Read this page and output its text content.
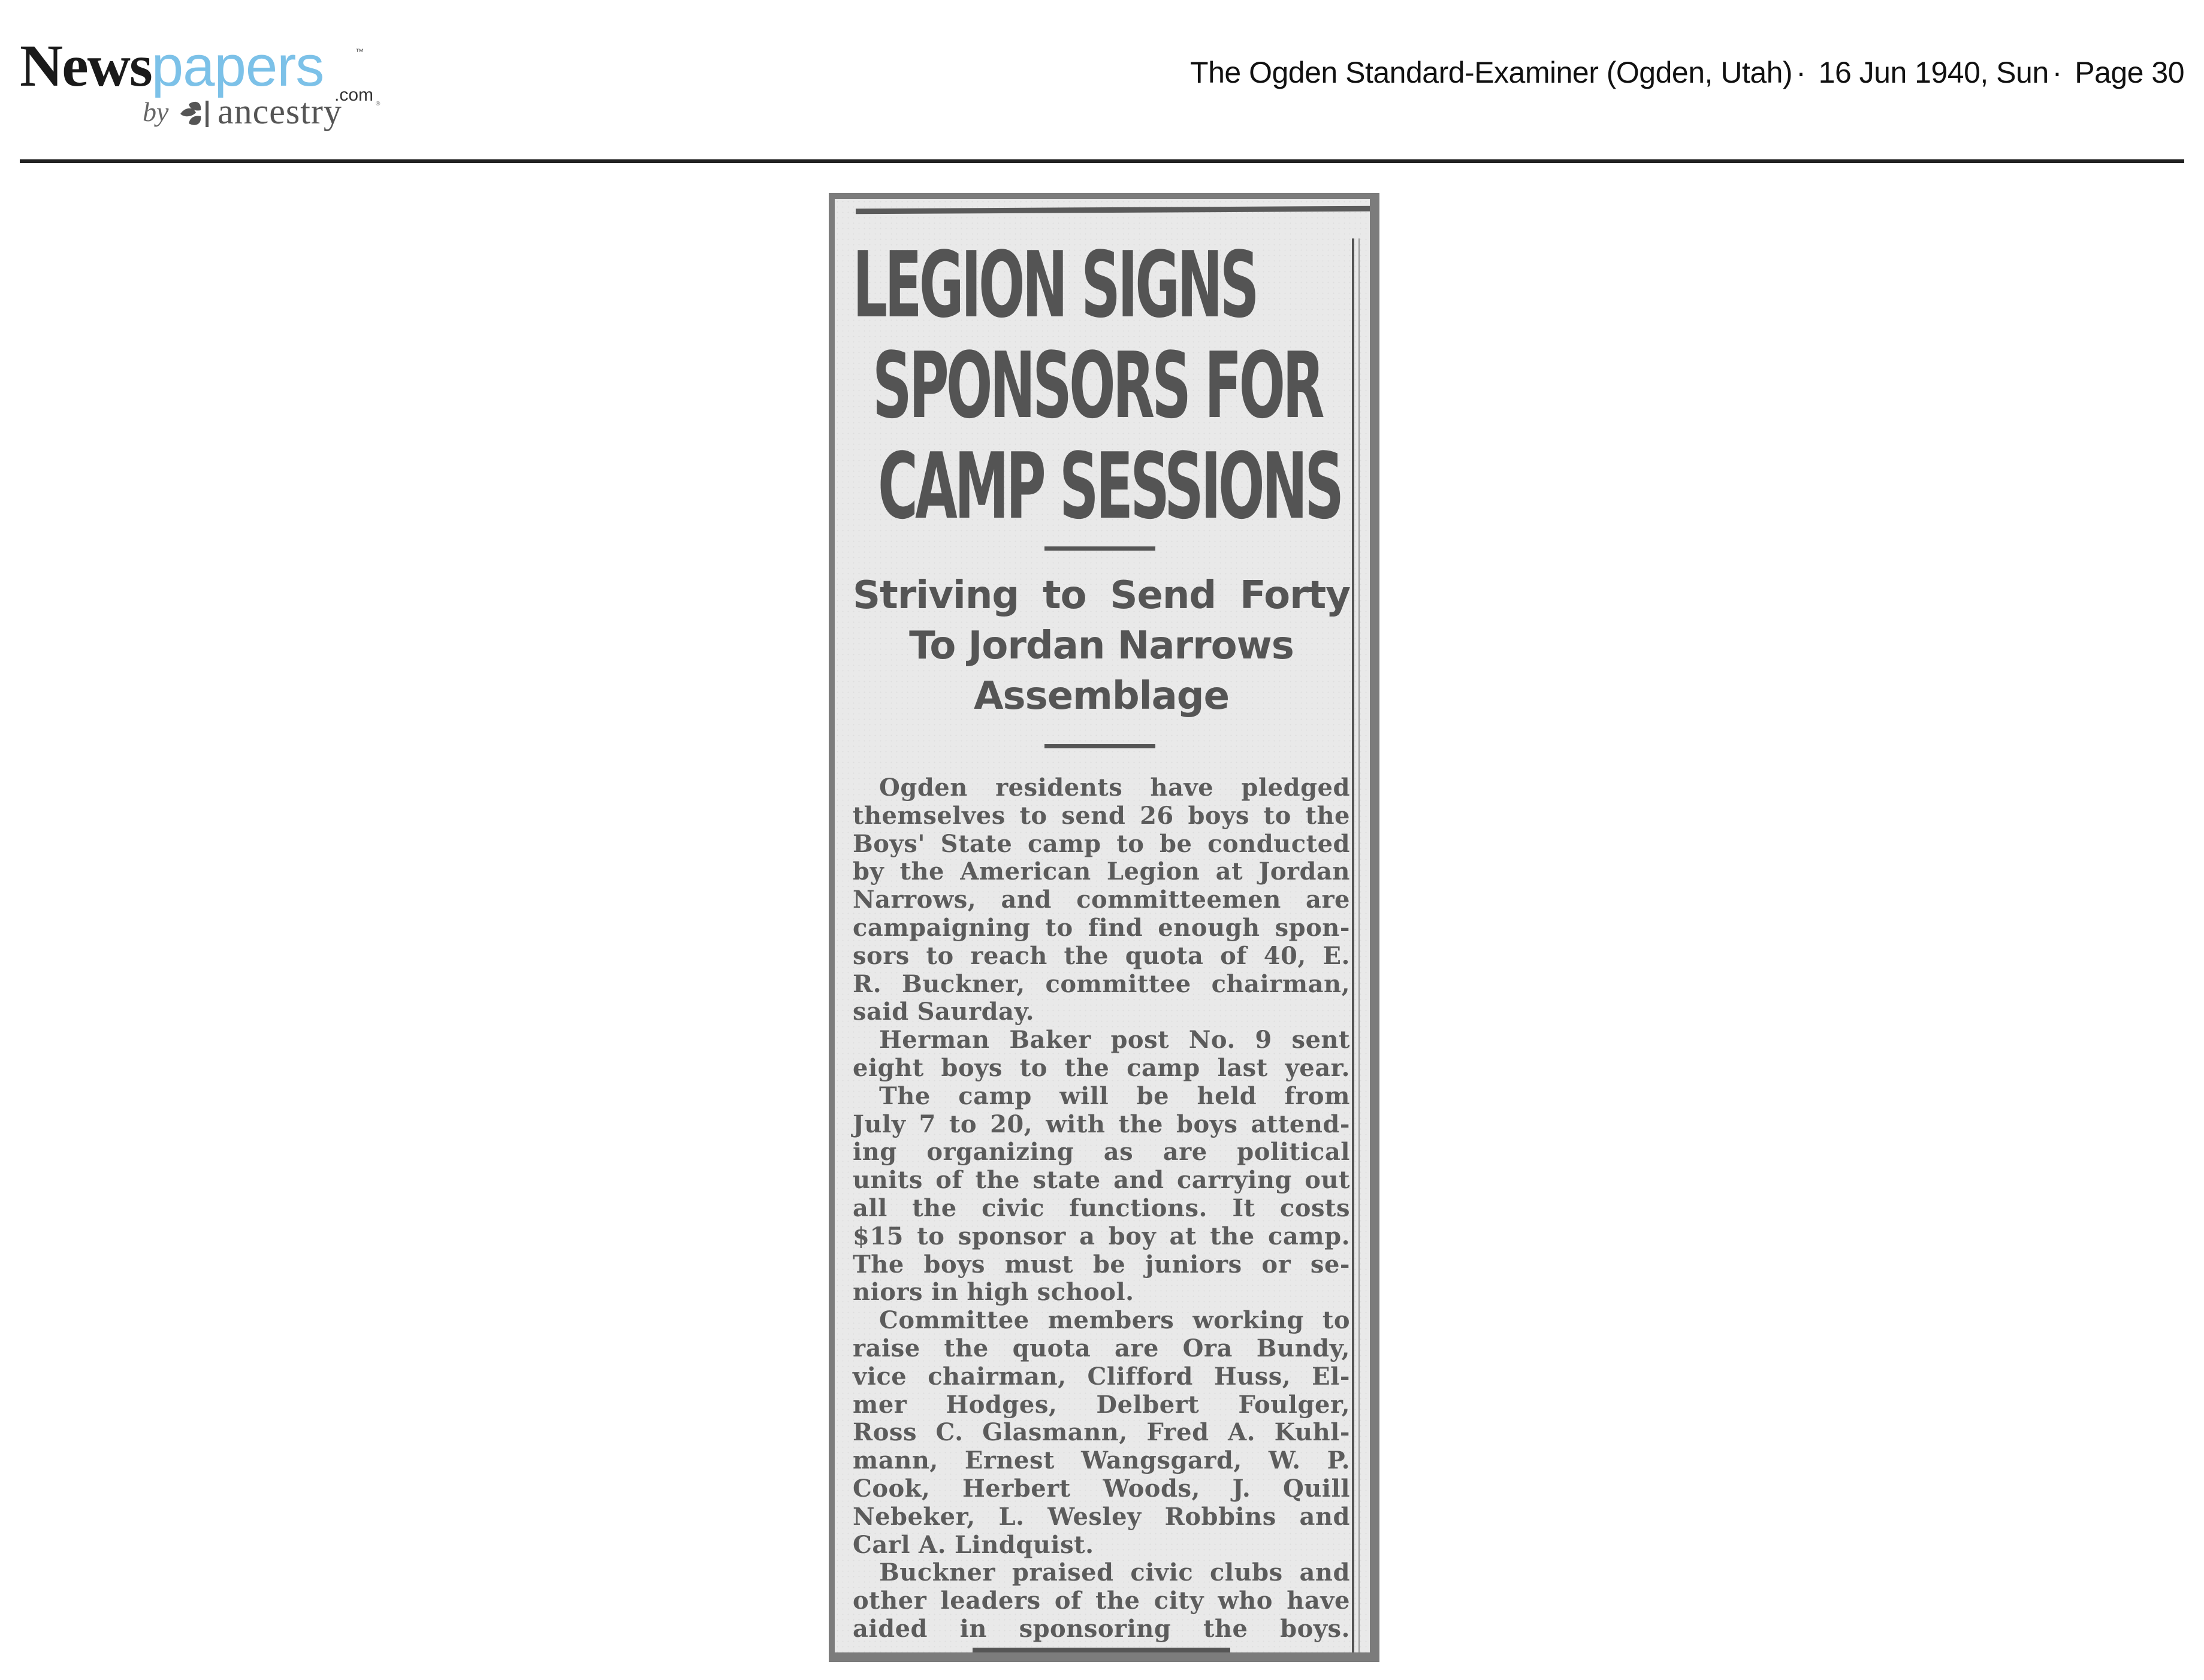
Newspapers	™
.com
by ancestry	®
The Ogden Standard-Examiner (Ogden, Utah) · 16 Jun 1940, Sun · Page 30
LEGION SIGNS
SPONSORS FOR
CAMP SESSIONS
Striving to Send Forty
To Jordan Narrows
Assemblage
Ogden residents have pledged
themselves to send 26 boys to the
Boys' State camp to be conducted
by the American Legion at Jordan
Narrows, and committeemen are
campaigning to find enough spon-
sors to reach the quota of 40, E.
R. Buckner, committee chairman,
said Saurday.
Herman Baker post No. 9 sent
eight boys to the camp last year.
The camp will be held from
July 7 to 20, with the boys attend-
ing organizing as are political
units of the state and carrying out
all the civic functions. It costs
$15 to sponsor a boy at the camp.
The boys must be juniors or se-
niors in high school.
Committee members working to
raise the quota are Ora Bundy,
vice chairman, Clifford Huss, El-
mer Hodges, Delbert Foulger,
Ross C. Glasmann, Fred A. Kuhl-
mann, Ernest Wangsgard, W. P.
Cook, Herbert Woods, J. Quill
Nebeker, L. Wesley Robbins and
Carl A. Lindquist.
Buckner praised civic clubs and
other leaders of the city who have
aided in sponsoring the boys.
